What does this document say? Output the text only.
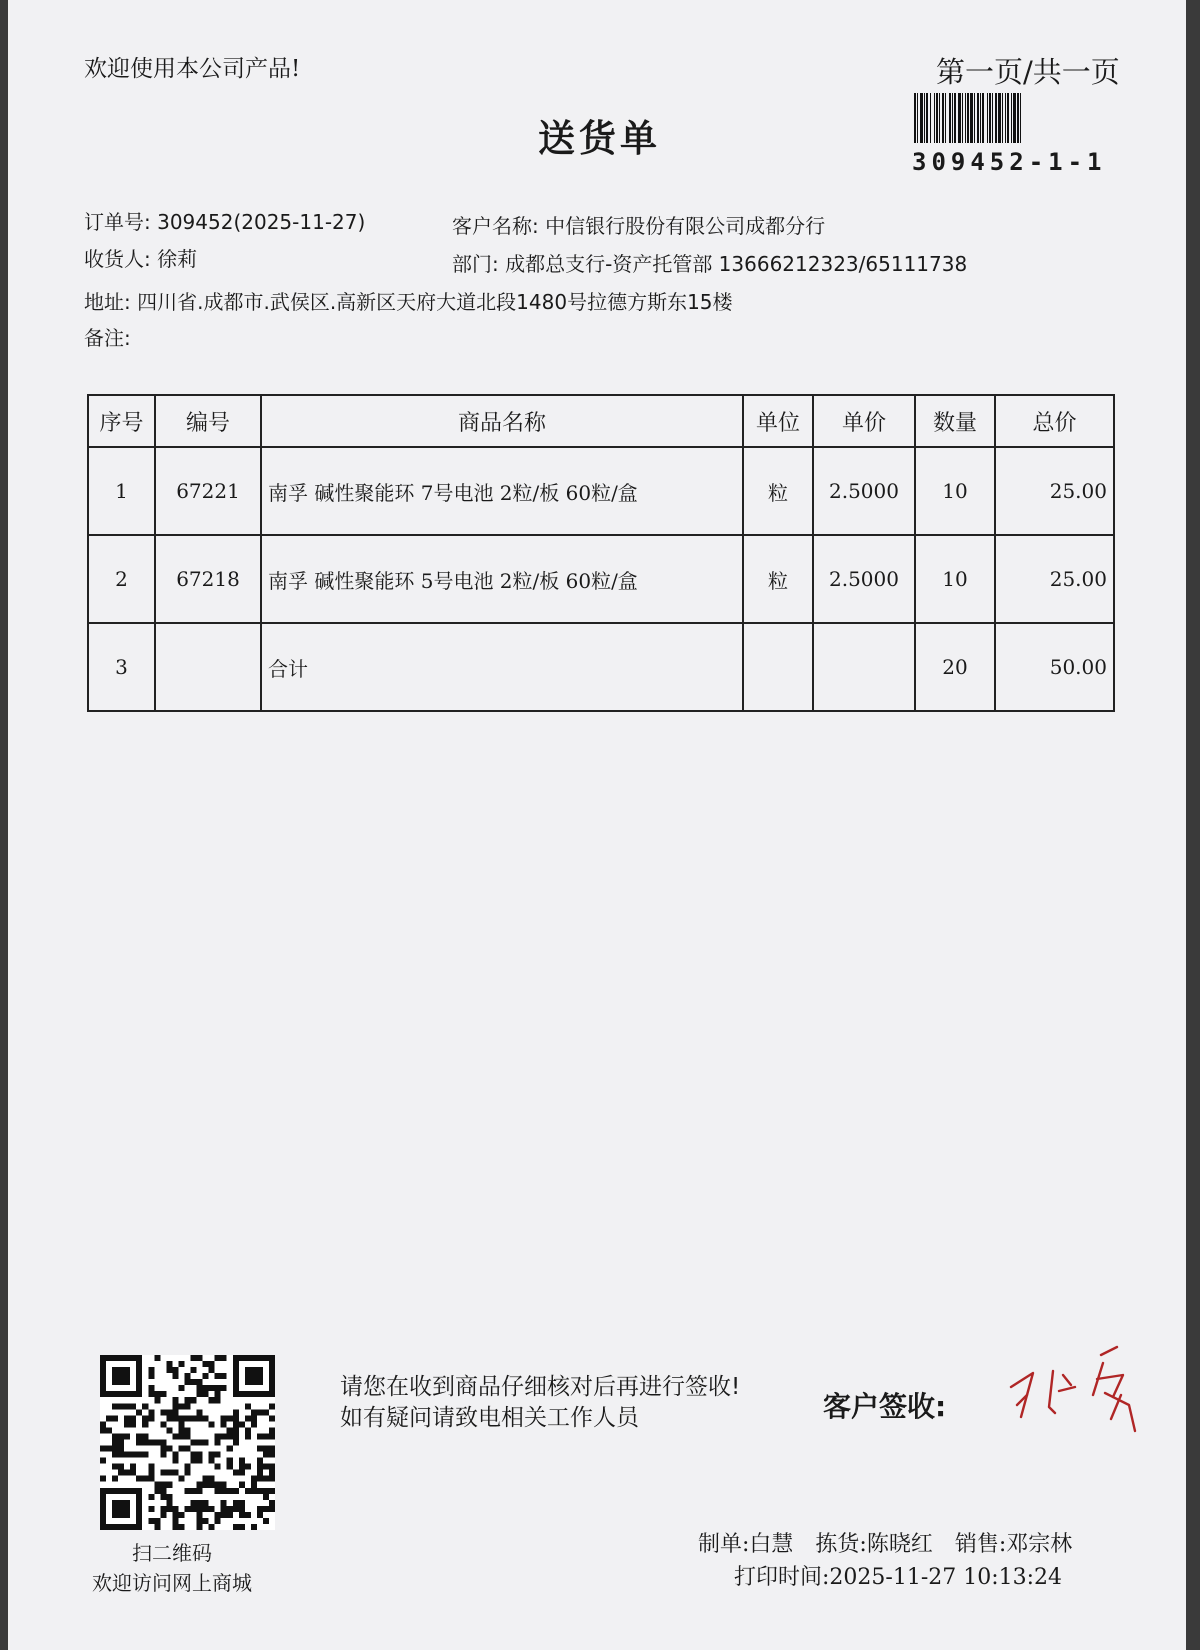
欢迎使用本公司产品!	第一页/共一页
送货单
309452-1-1
订单号: 309452(2025-11-27)	客户名称: 中信银行股份有限公司成都分行
收货人: 徐莉	部门: 成都总支行-资产托管部 13666212323/65111738
地址: 四川省.成都市.武侯区.高新区天府大道北段1480号拉德方斯东15楼
备注:
序号	编号	商品名称	单位	单价	数量	总价
1	67221	南孚 碱性聚能环 7号电池 2粒/板 60粒/盒	粒	2.5000	10	25.00
2	67218	南孚 碱性聚能环 5号电池 2粒/板 60粒/盒	粒	2.5000	10	25.00
3		合计			20	50.00
扫二维码
欢迎访问网上商城
请您在收到商品仔细核对后再进行签收! 如有疑问请致电相关工作人员	客户签收:
制单:白慧 拣货:陈晓红 销售:邓宗林
打印时间:2025-11-27 10:13:24
